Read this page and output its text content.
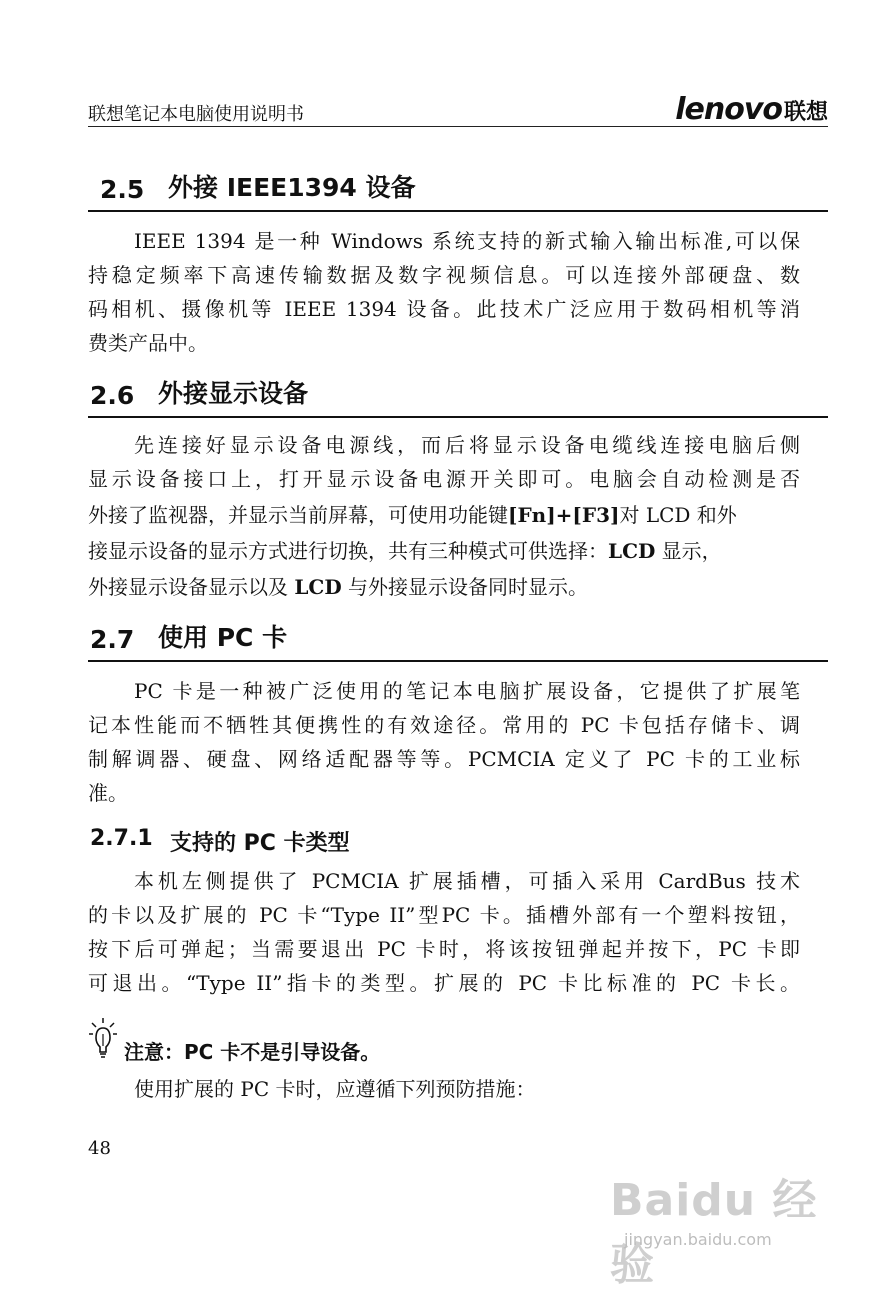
联想笔记本电脑使用说明书	lenovo联想
2.5 外接 IEEE1394 设备
IEEE 1394 是一种 Windows 系统支持的新式输入输出标准,可以保
持稳定频率下高速传输数据及数字视频信息。可以连接外部硬盘、数
码相机、摄像机等 IEEE 1394 设备。此技术广泛应用于数码相机等消
费类产品中。
2.6 外接显示设备
先连接好显示设备电源线，而后将显示设备电缆线连接电脑后侧
显示设备接口上，打开显示设备电源开关即可。电脑会自动检测是否
外接了监视器，并显示当前屏幕，可使用功能键[Fn]+[F3]对 LCD 和外
接显示设备的显示方式进行切换，共有三种模式可供选择：LCD 显示，
外接显示设备显示以及 LCD 与外接显示设备同时显示。
2.7 使用 PC 卡
PC 卡是一种被广泛使用的笔记本电脑扩展设备，它提供了扩展笔
记本性能而不牺牲其便携性的有效途径。常用的 PC 卡包括存储卡、调
制解调器、硬盘、网络适配器等等。PCMCIA 定义了 PC 卡的工业标
准。
2.7.1 支持的 PC 卡类型
本机左侧提供了 PCMCIA 扩展插槽，可插入采用 CardBus 技术
的卡以及扩展的 PC 卡“Type II”型PC 卡。插槽外部有一个塑料按钮，
按下后可弹起；当需要退出 PC 卡时，将该按钮弹起并按下，PC 卡即
可退出。“Type II”指卡的类型。扩展的 PC 卡比标准的 PC 卡长。
注意：PC 卡不是引导设备。
使用扩展的 PC 卡时，应遵循下列预防措施：
48
Baidu 经验
jingyan.baidu.com
